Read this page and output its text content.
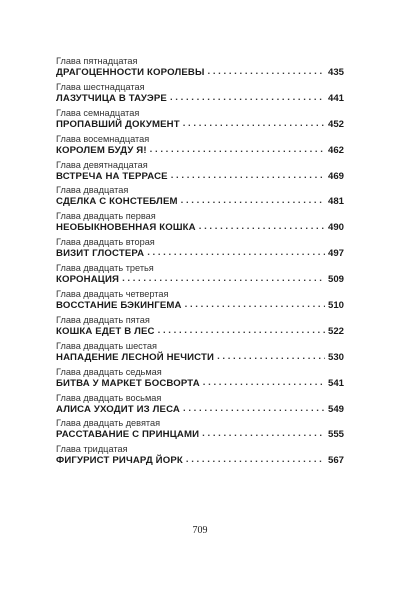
Глава пятнадцатая
ДРАГОЦЕННОСТИ КОРОЛЕВЫ . . .	435
Глава шестнадцатая
ЛАЗУТЧИЦА В ТАУЭРЕ . . .	441
Глава семнадцатая
ПРОПАВШИЙ ДОКУМЕНТ . . .	452
Глава восемнадцатая
КОРОЛЕМ БУДУ Я! . . .	462
Глава девятнадцатая
ВСТРЕЧА НА ТЕРРАСЕ . . .	469
Глава двадцатая
СДЕЛКА С КОНСТЕБЛЕМ . . .	481
Глава двадцать первая
НЕОБЫКНОВЕННАЯ КОШКА . . .	490
Глава двадцать вторая
ВИЗИТ ГЛОСТЕРА . . .	497
Глава двадцать третья
КОРОНАЦИЯ . . .	509
Глава двадцать четвертая
ВОССТАНИЕ БЭКИНГЕМА . . .	510
Глава двадцать пятая
КОШКА ЕДЕТ В ЛЕС . . .	522
Глава двадцать шестая
НАПАДЕНИЕ ЛЕСНОЙ НЕЧИСТИ . . .	530
Глава двадцать седьмая
БИТВА У МАРКЕТ БОСВОРТА . . .	541
Глава двадцать восьмая
АЛИСА УХОДИТ ИЗ ЛЕСА . . .	549
Глава двадцать девятая
РАССТАВАНИЕ С ПРИНЦАМИ . . .	555
Глава тридцатая
ФИГУРИСТ РИЧАРД ЙОРК . . .	567
709
